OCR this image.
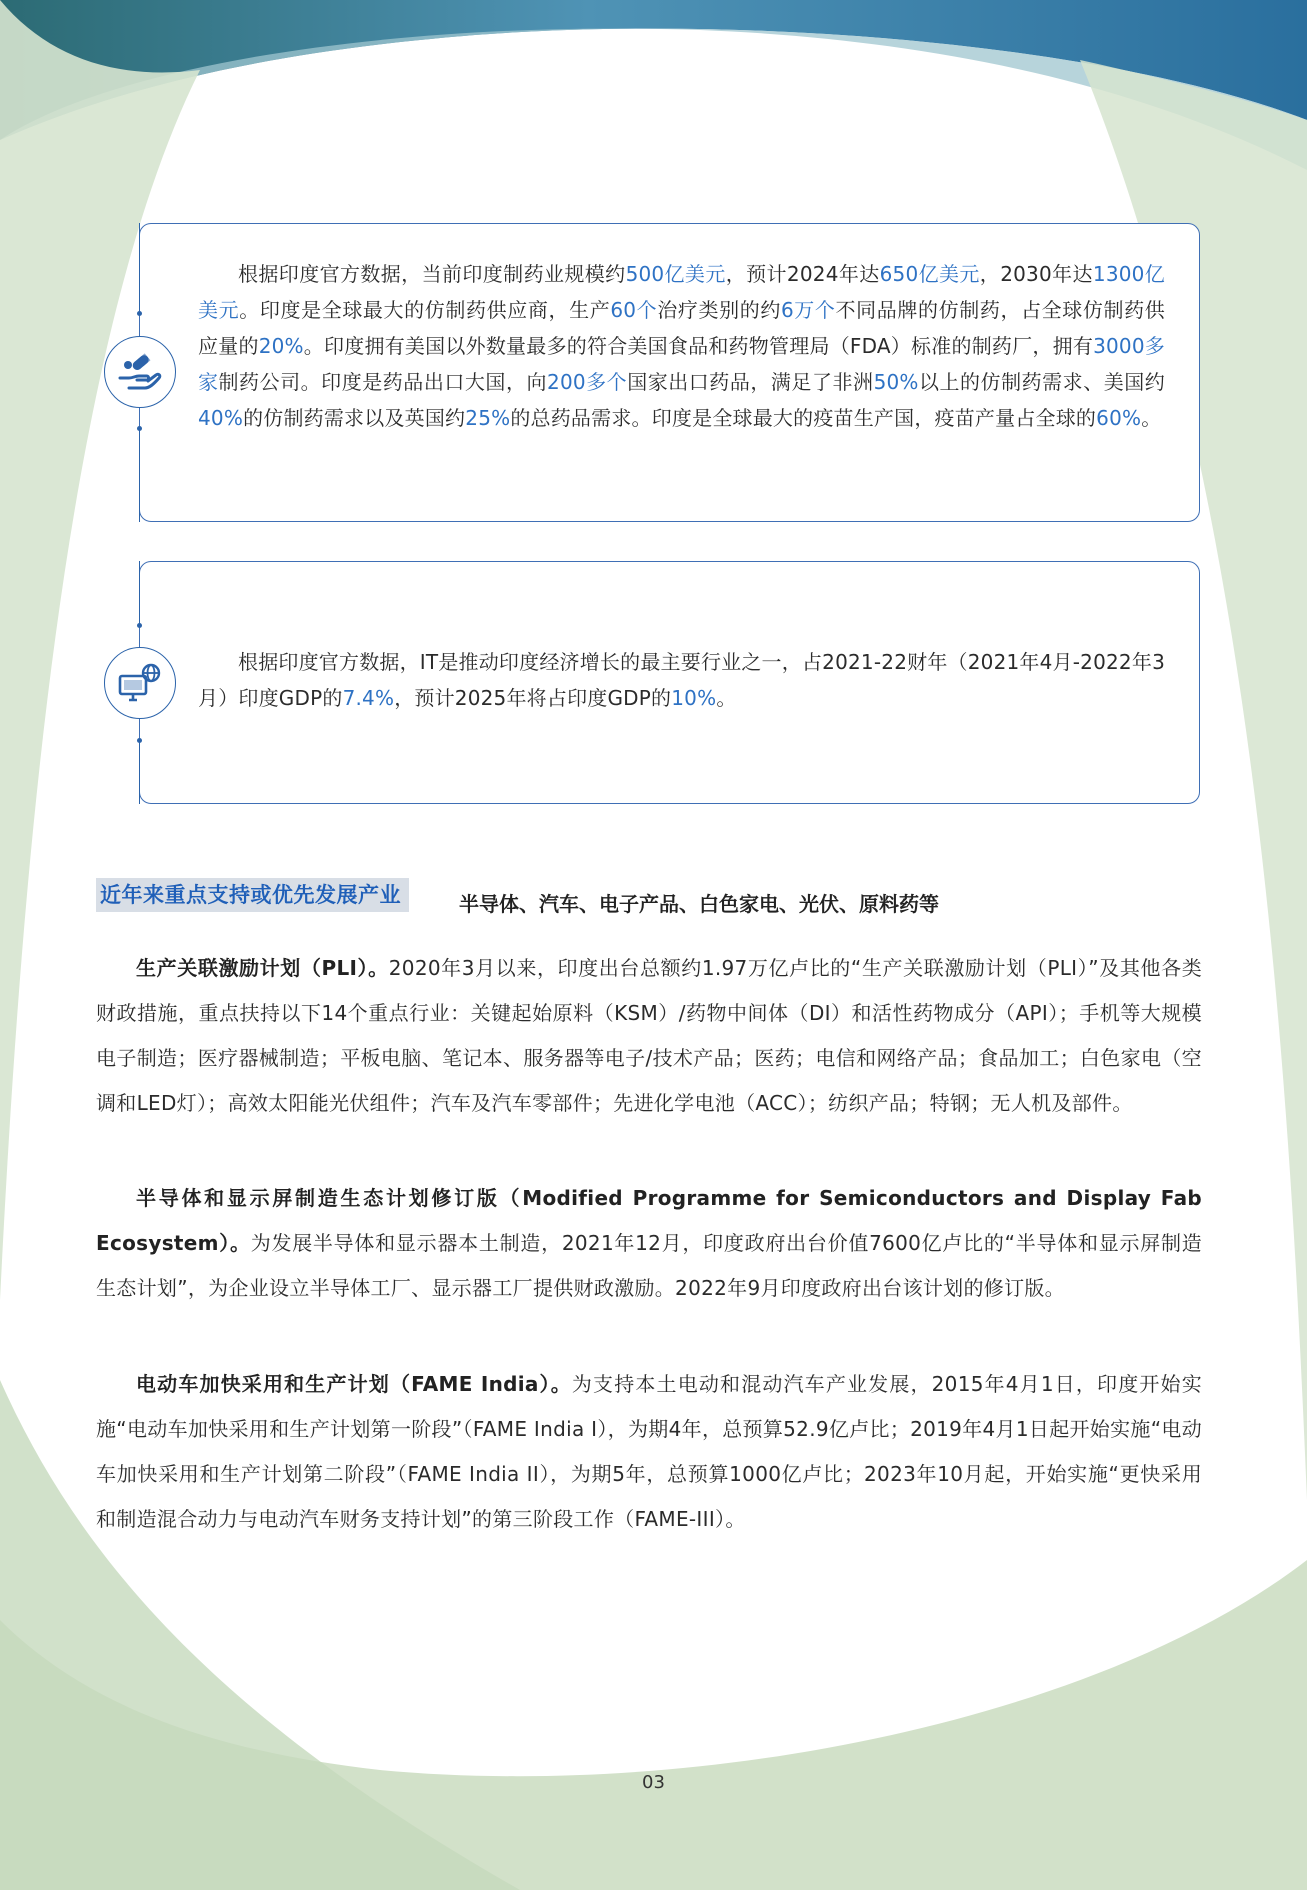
根据印度官方数据，当前印度制药业规模约500亿美元，预计2024年达650亿美元，2030年达1300亿美元。印度是全球最大的仿制药供应商，生产60个治疗类别的约6万个不同品牌的仿制药，占全球仿制药供应量的20%。印度拥有美国以外数量最多的符合美国食品和药物管理局（FDA）标准的制药厂，拥有3000多家制药公司。印度是药品出口大国，向200多个国家出口药品，满足了非洲50%以上的仿制药需求、美国约40%的仿制药需求以及英国约25%的总药品需求。印度是全球最大的疫苗生产国，疫苗产量占全球的60%。

根据印度官方数据，IT是推动印度经济增长的最主要行业之一，占2021-22财年（2021年4月-2022年3月）印度GDP的7.4%，预计2025年将占印度GDP的10%。

近年来重点支持或优先发展产业	半导体、汽车、电子产品、白色家电、光伏、原料药等

生产关联激励计划（PLI）。2020年3月以来，印度出台总额约1.97万亿卢比的“生产关联激励计划（PLI）”及其他各类财政措施，重点扶持以下14个重点行业：关键起始原料（KSM）/药物中间体（DI）和活性药物成分（API）；手机等大规模电子制造；医疗器械制造；平板电脑、笔记本、服务器等电子/技术产品；医药；电信和网络产品；食品加工；白色家电（空调和LED灯）；高效太阳能光伏组件；汽车及汽车零部件；先进化学电池（ACC）；纺织产品；特钢；无人机及部件。

半导体和显示屏制造生态计划修订版（Modified Programme for Semiconductors and Display Fab Ecosystem）。为发展半导体和显示器本土制造，2021年12月，印度政府出台价值7600亿卢比的“半导体和显示屏制造生态计划”，为企业设立半导体工厂、显示器工厂提供财政激励。2022年9月印度政府出台该计划的修订版。

电动车加快采用和生产计划（FAME India）。为支持本土电动和混动汽车产业发展，2015年4月1日，印度开始实施“电动车加快采用和生产计划第一阶段”（FAME India I），为期4年，总预算52.9亿卢比；2019年4月1日起开始实施“电动车加快采用和生产计划第二阶段”（FAME India II），为期5年，总预算1000亿卢比；2023年10月起，开始实施“更快采用和制造混合动力与电动汽车财务支持计划”的第三阶段工作（FAME-III）。

03
